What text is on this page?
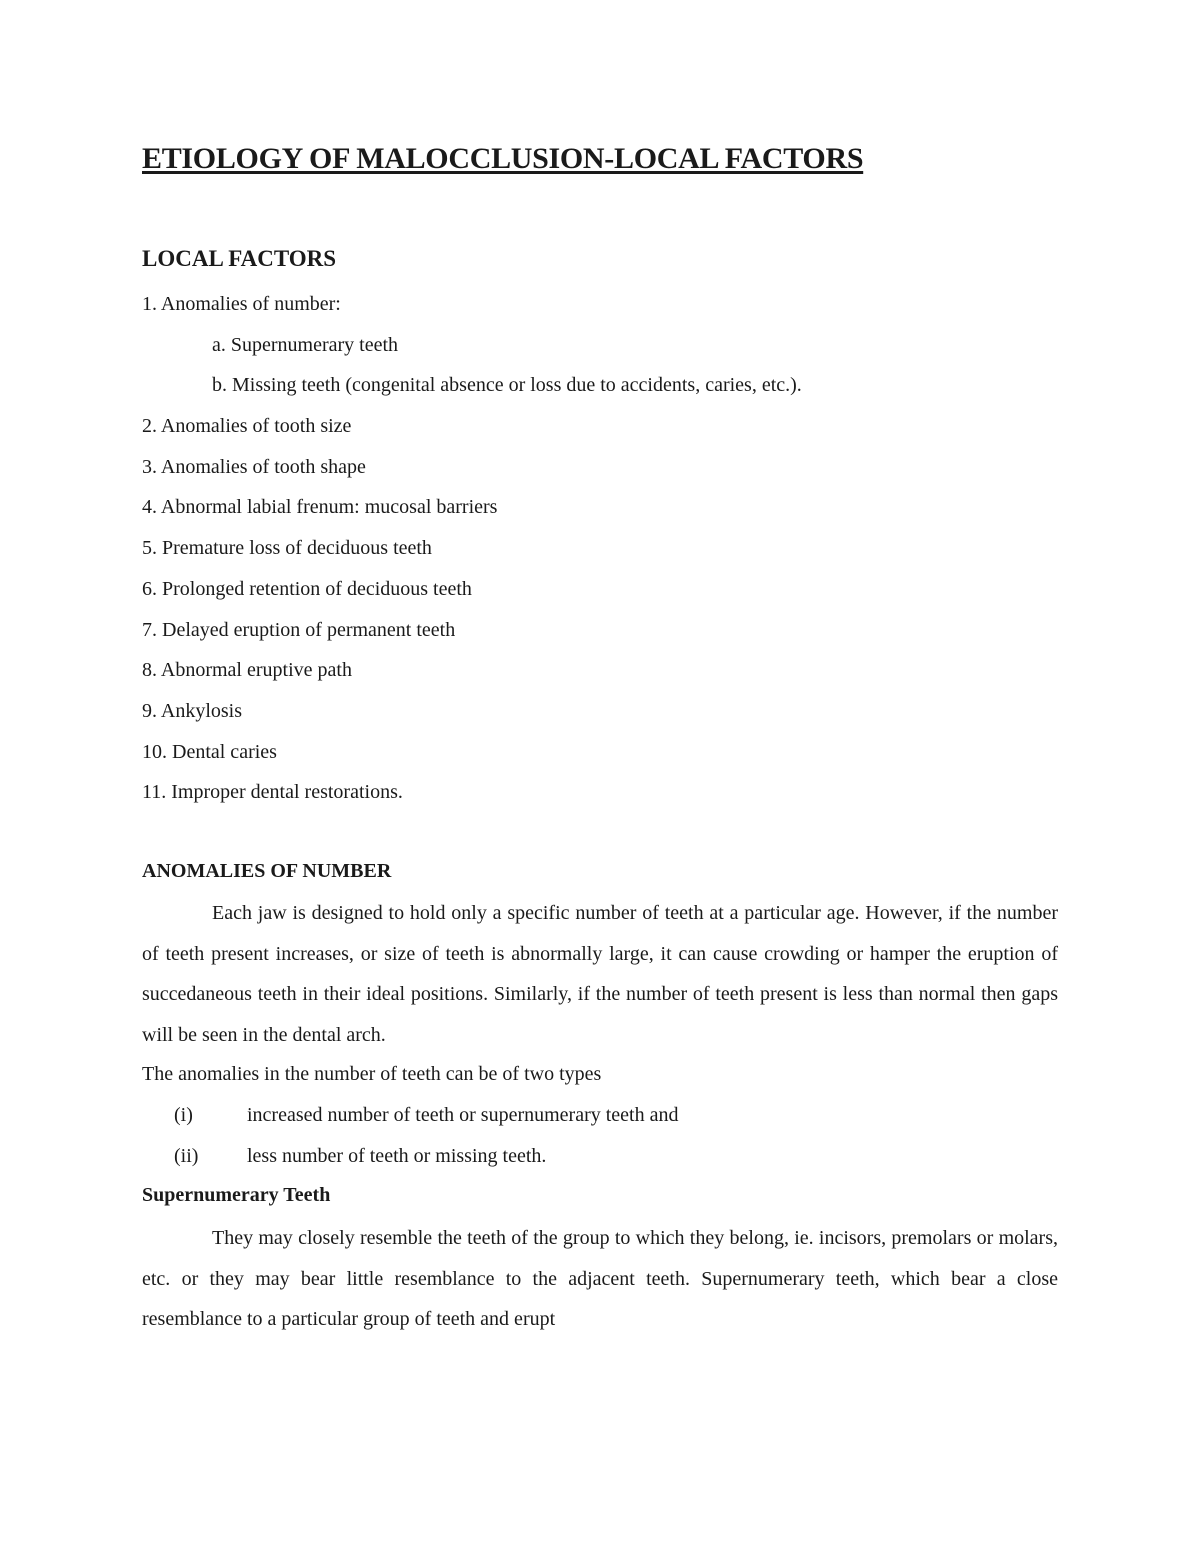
ETIOLOGY OF MALOCCLUSION-LOCAL FACTORS
LOCAL FACTORS
1. Anomalies of number:
a. Supernumerary teeth
b. Missing teeth (congenital absence or loss due to accidents, caries, etc.).
2. Anomalies of tooth size
3. Anomalies of tooth shape
4. Abnormal labial frenum: mucosal barriers
5. Premature loss of deciduous teeth
6. Prolonged retention of deciduous teeth
7. Delayed eruption of permanent teeth
8. Abnormal eruptive path
9. Ankylosis
10. Dental caries
11. Improper dental restorations.
ANOMALIES OF NUMBER
Each jaw is designed to hold only a specific number of teeth at a particular age. However, if the number of teeth present increases, or size of teeth is abnormally large, it can cause crowding or hamper the eruption of succedaneous teeth in their ideal positions. Similarly, if the number of teeth present is less than normal then gaps will be seen in the dental arch.
The anomalies in the number of teeth can be of two types
(i)	increased number of teeth or supernumerary teeth and
(ii) less number of teeth or missing teeth.
Supernumerary Teeth
They may closely resemble the teeth of the group to which they belong, ie. incisors, premolars or molars, etc. or they may bear little resemblance to the adjacent teeth. Supernumerary teeth, which bear a close resemblance to a particular group of teeth and erupt
